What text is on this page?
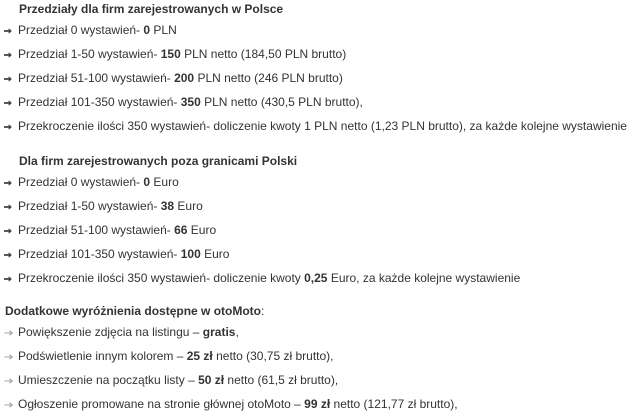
Przedziały dla firm zarejestrowanych w Polsce
Przedział 0 wystawień- 0 PLN
Przedział 1-50 wystawień- 150 PLN netto (184,50 PLN brutto)
Przedział 51-100 wystawień- 200 PLN netto (246 PLN brutto)
Przedział 101-350 wystawień- 350 PLN netto (430,5 PLN brutto),
Przekroczenie ilości 350 wystawień- doliczenie kwoty 1 PLN netto (1,23 PLN brutto), za każde kolejne wystawienie
Dla firm zarejestrowanych poza granicami Polski
Przedział 0 wystawień- 0 Euro
Przedział 1-50 wystawień- 38 Euro
Przedział 51-100 wystawień- 66 Euro
Przedział 101-350 wystawień- 100 Euro
Przekroczenie ilości 350 wystawień- doliczenie kwoty 0,25 Euro, za każde kolejne wystawienie
Dodatkowe wyróżnienia dostępne w otoMoto:
Powiększenie zdjęcia na listingu – gratis,
Podświetlenie innym kolorem – 25 zł netto (30,75 zł brutto),
Umieszczenie na początku listy – 50 zł netto (61,5 zł brutto),
Ogłoszenie promowane na stronie głównej otoMoto – 99 zł netto (121,77 zł brutto),
